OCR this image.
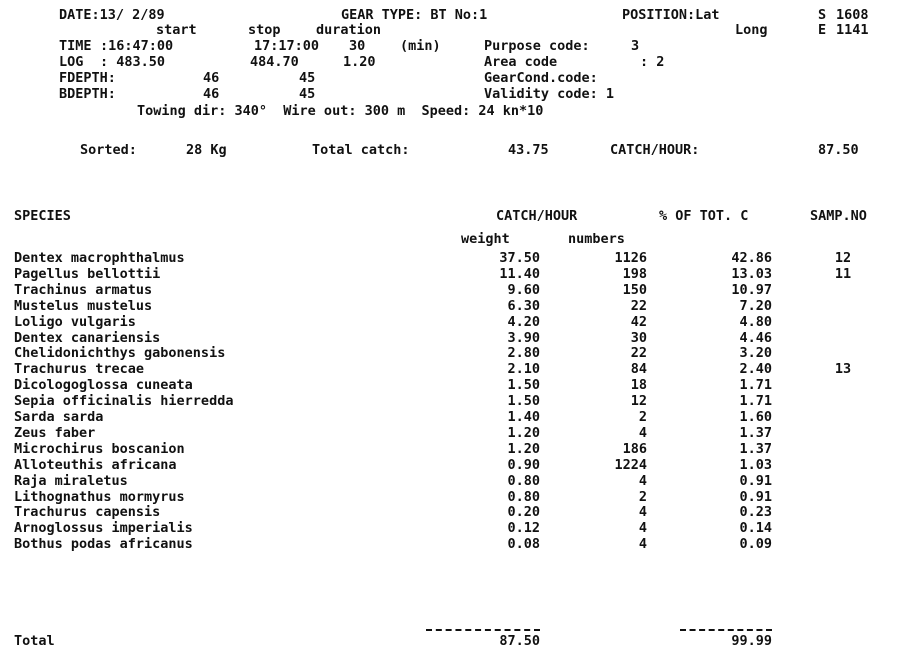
DATE:13/ 2/89	GEAR TYPE: BT No:1	POSITION:Lat	S 1608
start	stop	duration	Long	E 1141
TIME :16:47:00	17:17:00 30	(min)	Purpose code:	3
LOG : 483.50	484.70	1.20	Area code	: 2
FDEPTH:	46	45	GearCond.code:
BDEPTH:	46	45	Validity code: 1
Towing dir: 340°  Wire out: 300 m  Speed: 24 kn*10
Sorted:	28 Kg	Total catch:	43.75	CATCH/HOUR:	87.50
SPECIES	CATCH/HOUR	% OF TOT. C	SAMP.NO
weight	numbers
Dentex macrophthalmus	37.50	1126	42.86	12
Pagellus bellottii	11.40	198	13.03	11
Trachinus armatus	9.60	150	10.97
Mustelus mustelus	6.30	22	7.20
Loligo vulgaris	4.20	42	4.80
Dentex canariensis	3.90	30	4.46
Chelidonichthys gabonensis	2.80	22	3.20
Trachurus trecae	2.10	84	2.40	13
Dicologoglossa cuneata	1.50	18	1.71
Sepia officinalis hierredda	1.50	12	1.71
Sarda sarda	1.40	2	1.60
Zeus faber	1.20	4	1.37
Microchirus boscanion	1.20	186	1.37
Alloteuthis africana	0.90	1224	1.03
Raja miraletus	0.80	4	0.91
Lithognathus mormyrus	0.80	2	0.91
Trachurus capensis	0.20	4	0.23
Arnoglossus imperialis	0.12	4	0.14
Bothus podas africanus	0.08	4	0.09
Total	87.50	99.99
